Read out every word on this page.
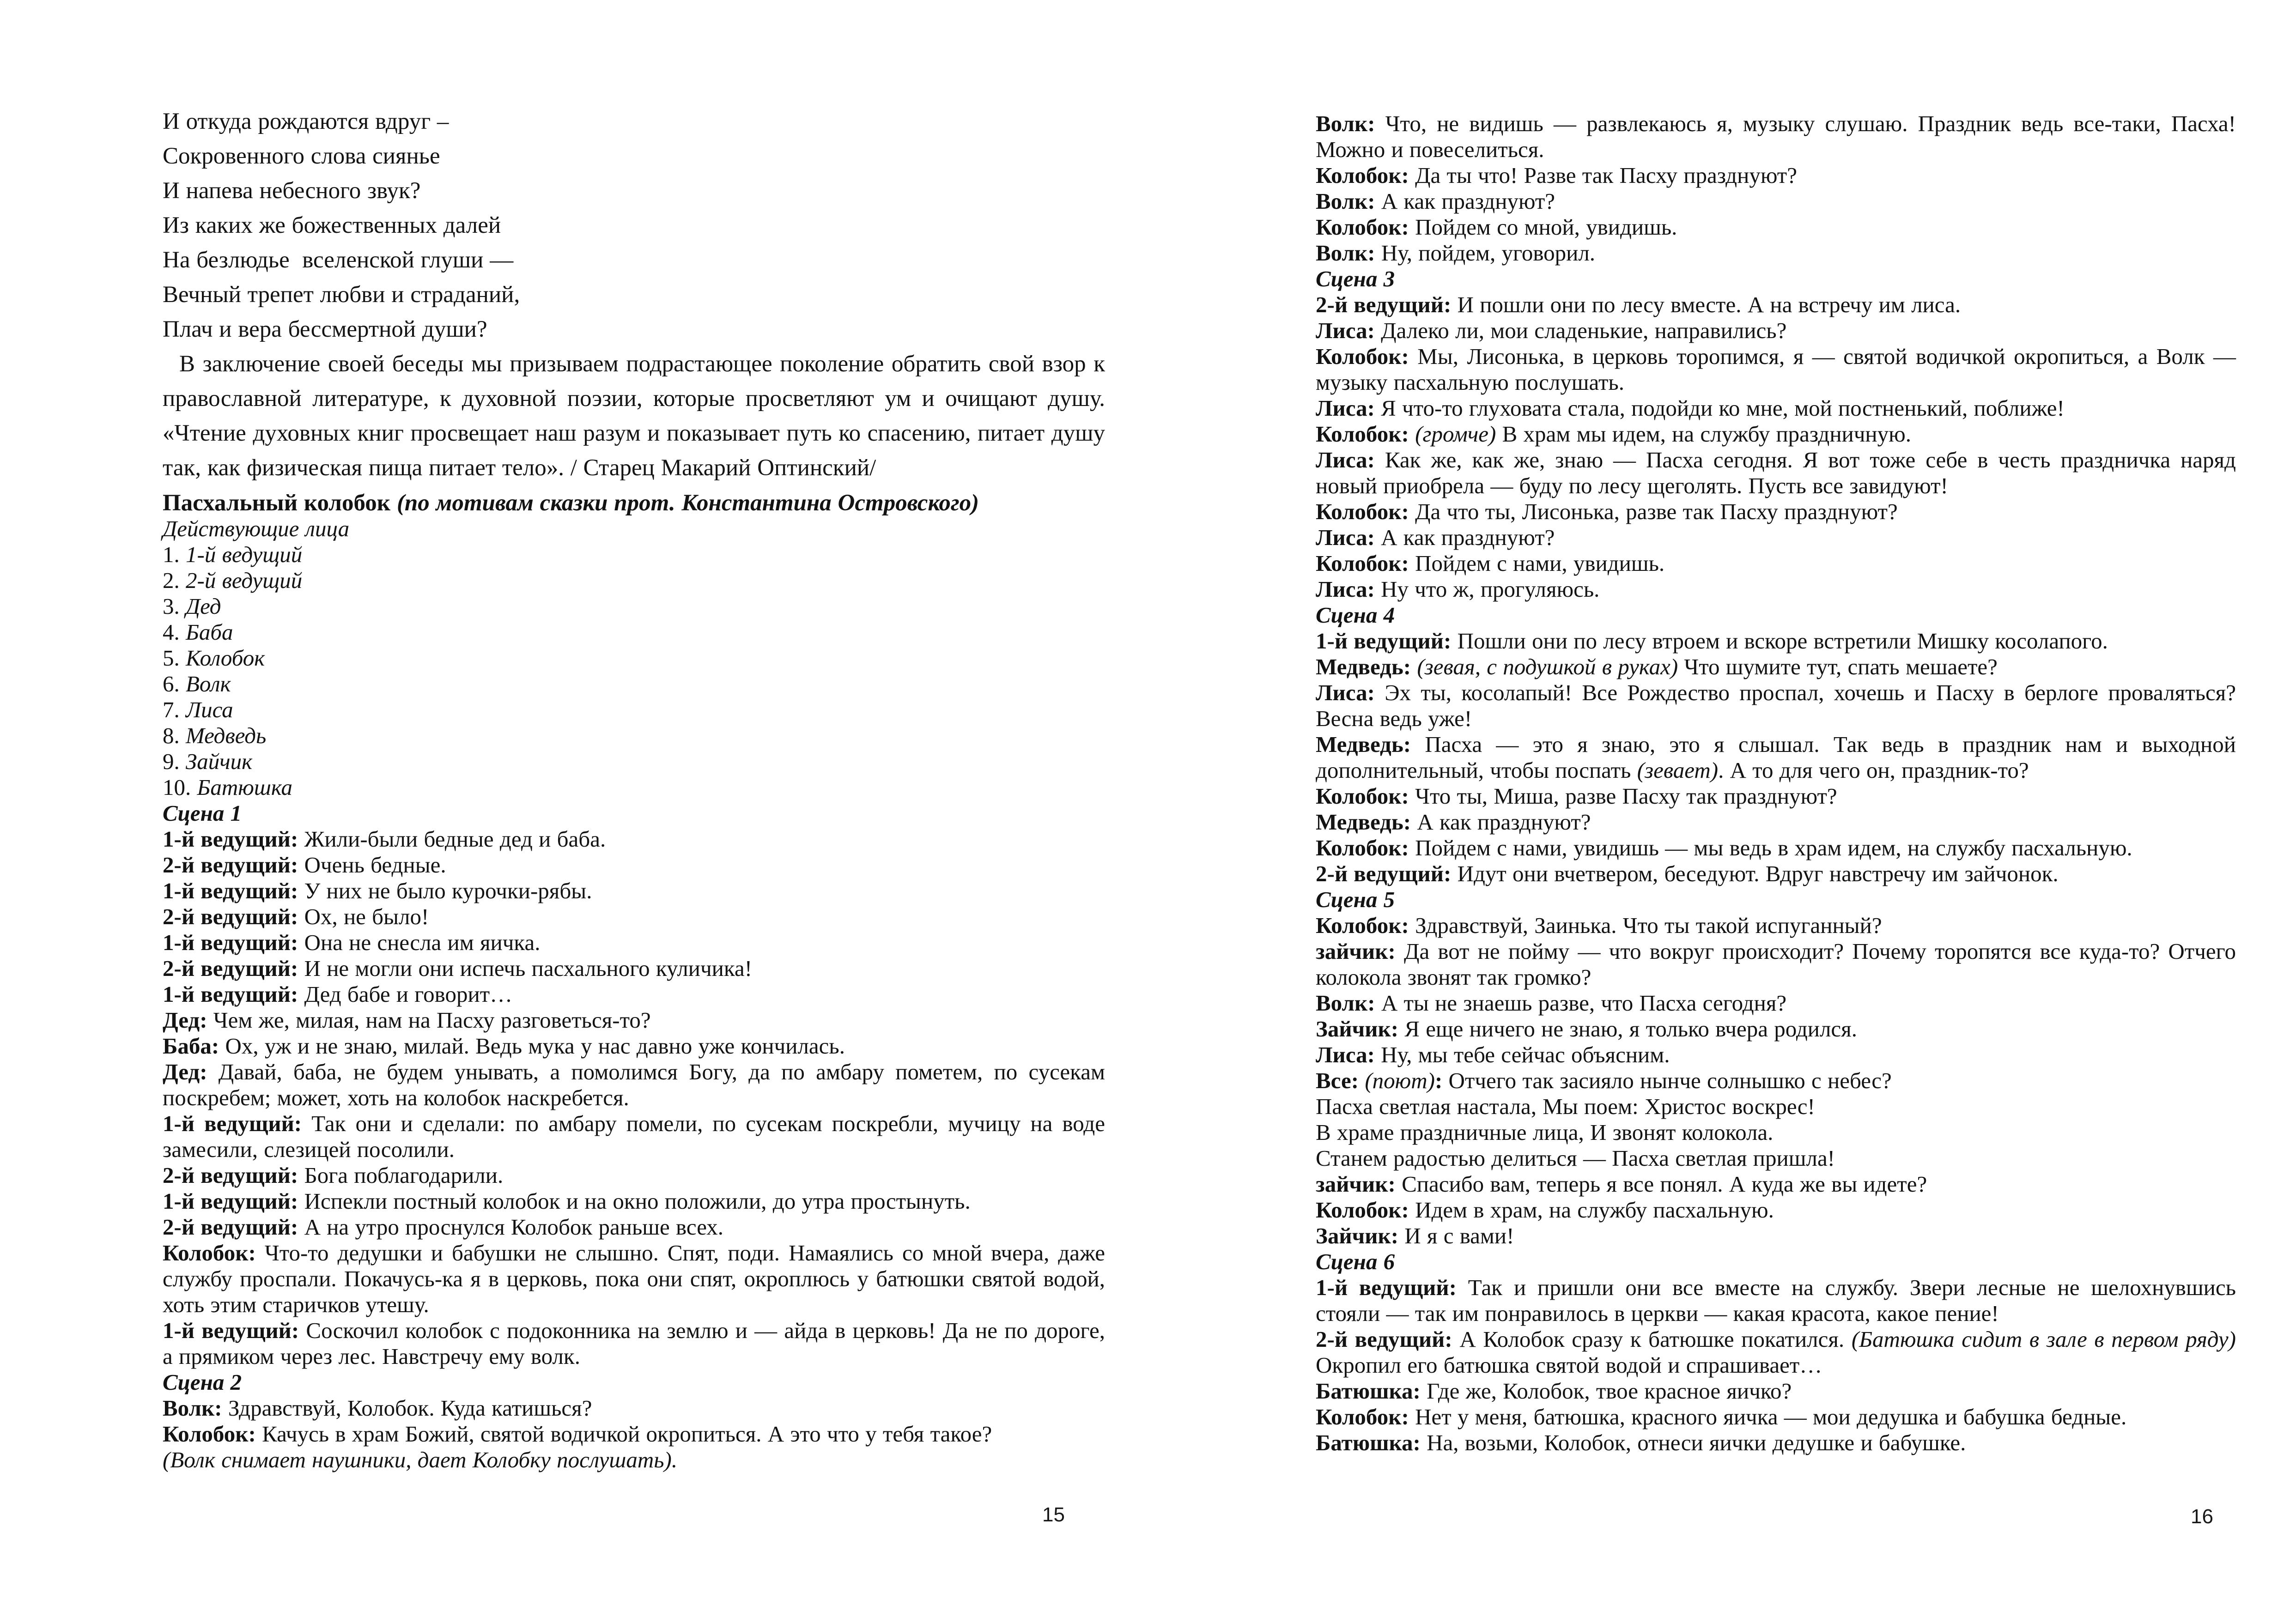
И откуда рождаются вдруг –
Сокровенного слова сиянье
И напева небесного звук?
Из каких же божественных далей
На безлюдье  вселенской глуши —
Вечный трепет любви и страданий,
Плач и вера бессмертной души?
В заключение своей беседы мы призываем подрастающее поколение обратить свой взор к православной литературе, к духовной поэзии, которые просветляют ум и очищают душу. «Чтение духовных книг просвещает наш разум и показывает путь ко спасению, питает душу так, как физическая пища питает тело». / Старец Макарий Оптинский/
Пасхальный колобок (по мотивам сказки прот. Константина Островского)
Действующие лица
1. 1-й ведущий
2. 2-й ведущий
3. Дед
4. Баба
5. Колобок
6. Волк
7. Лиса
8. Медведь
9. Зайчик
10. Батюшка
Сцена 1
1-й ведущий: Жили-были бедные дед и баба.
2-й ведущий: Очень бедные.
1-й ведущий: У них не было курочки-рябы.
2-й ведущий: Ох, не было!
1-й ведущий: Она не снесла им яичка.
2-й ведущий: И не могли они испечь пасхального куличика!
1-й ведущий: Дед бабе и говорит…
Дед: Чем же, милая, нам на Пасху разговеться-то?
Баба: Ох, уж и не знаю, милай. Ведь мука у нас давно уже кончилась.
Дед: Давай, баба, не будем унывать, а помолимся Богу, да по амбару пометем, по сусекам поскребем; может, хоть на колобок наскребется.
1-й ведущий: Так они и сделали: по амбару помели, по сусекам поскребли, мучицу на воде замесили, слезицей посолили.
2-й ведущий: Бога поблагодарили.
1-й ведущий: Испекли постный колобок и на окно положили, до утра простынуть.
2-й ведущий: А на утро проснулся Колобок раньше всех.
Колобок: Что-то дедушки и бабушки не слышно. Спят, поди. Намаялись со мной вчера, даже службу проспали. Покачусь-ка я в церковь, пока они спят, окроплюсь у батюшки святой водой, хоть этим старичков утешу.
1-й ведущий: Соскочил колобок с подоконника на землю и — айда в церковь! Да не по дороге, а прямиком через лес. Навстречу ему волк.
Сцена 2
Волк: Здравствуй, Колобок. Куда катишься?
Колобок: Качусь в храм Божий, святой водичкой окропиться. А это что у тебя такое?
(Волк снимает наушники, дает Колобку послушать).
Волк: Что, не видишь — развлекаюсь я, музыку слушаю. Праздник ведь все-таки, Пасха! Можно и повеселиться.
Колобок: Да ты что! Разве так Пасху празднуют?
Волк: А как празднуют?
Колобок: Пойдем со мной, увидишь.
Волк: Ну, пойдем, уговорил.
Сцена 3
2-й ведущий: И пошли они по лесу вместе. А на встречу им лиса.
Лиса: Далеко ли, мои сладенькие, направились?
Колобок: Мы, Лисонька, в церковь торопимся, я — святой водичкой окропиться, а Волк — музыку пасхальную послушать.
Лиса: Я что-то глуховата стала, подойди ко мне, мой постненький, поближе!
Колобок: (громче) В храм мы идем, на службу праздничную.
Лиса: Как же, как же, знаю — Пасха сегодня. Я вот тоже себе в честь праздничка наряд новый приобрела — буду по лесу щеголять. Пусть все завидуют!
Колобок: Да что ты, Лисонька, разве так Пасху празднуют?
Лиса: А как празднуют?
Колобок: Пойдем с нами, увидишь.
Лиса: Ну что ж, прогуляюсь.
Сцена 4
1-й ведущий: Пошли они по лесу втроем и вскоре встретили Мишку косолапого.
Медведь: (зевая, с подушкой в руках) Что шумите тут, спать мешаете?
Лиса: Эх ты, косолапый! Все Рождество проспал, хочешь и Пасху в берлоге проваляться? Весна ведь уже!
Медведь: Пасха — это я знаю, это я слышал. Так ведь в праздник нам и выходной дополнительный, чтобы поспать (зевает). А то для чего он, праздник-то?
Колобок: Что ты, Миша, разве Пасху так празднуют?
Медведь: А как празднуют?
Колобок: Пойдем с нами, увидишь — мы ведь в храм идем, на службу пасхальную.
2-й ведущий: Идут они вчетвером, беседуют. Вдруг навстречу им зайчонок.
Сцена 5
Колобок: Здравствуй, Заинька. Что ты такой испуганный?
зайчик: Да вот не пойму — что вокруг происходит? Почему торопятся все куда-то? Отчего колокола звонят так громко?
Волк: А ты не знаешь разве, что Пасха сегодня?
Зайчик: Я еще ничего не знаю, я только вчера родился.
Лиса: Ну, мы тебе сейчас объясним.
Все: (поют): Отчего так засияло нынче солнышко с небес?
Пасха светлая настала, Мы поем: Христос воскрес!
В храме праздничные лица, И звонят колокола.
Станем радостью делиться — Пасха светлая пришла!
зайчик: Спасибо вам, теперь я все понял. А куда же вы идете?
Колобок: Идем в храм, на службу пасхальную.
Зайчик: И я с вами!
Сцена 6
1-й ведущий: Так и пришли они все вместе на службу. Звери лесные не шелохнувшись стояли — так им понравилось в церкви — какая красота, какое пение!
2-й ведущий: А Колобок сразу к батюшке покатился. (Батюшка сидит в зале в первом ряду) Окропил его батюшка святой водой и спрашивает…
Батюшка: Где же, Колобок, твое красное яичко?
Колобок: Нет у меня, батюшка, красного яичка — мои дедушка и бабушка бедные.
Батюшка: На, возьми, Колобок, отнеси яички дедушке и бабушке.
15	16
